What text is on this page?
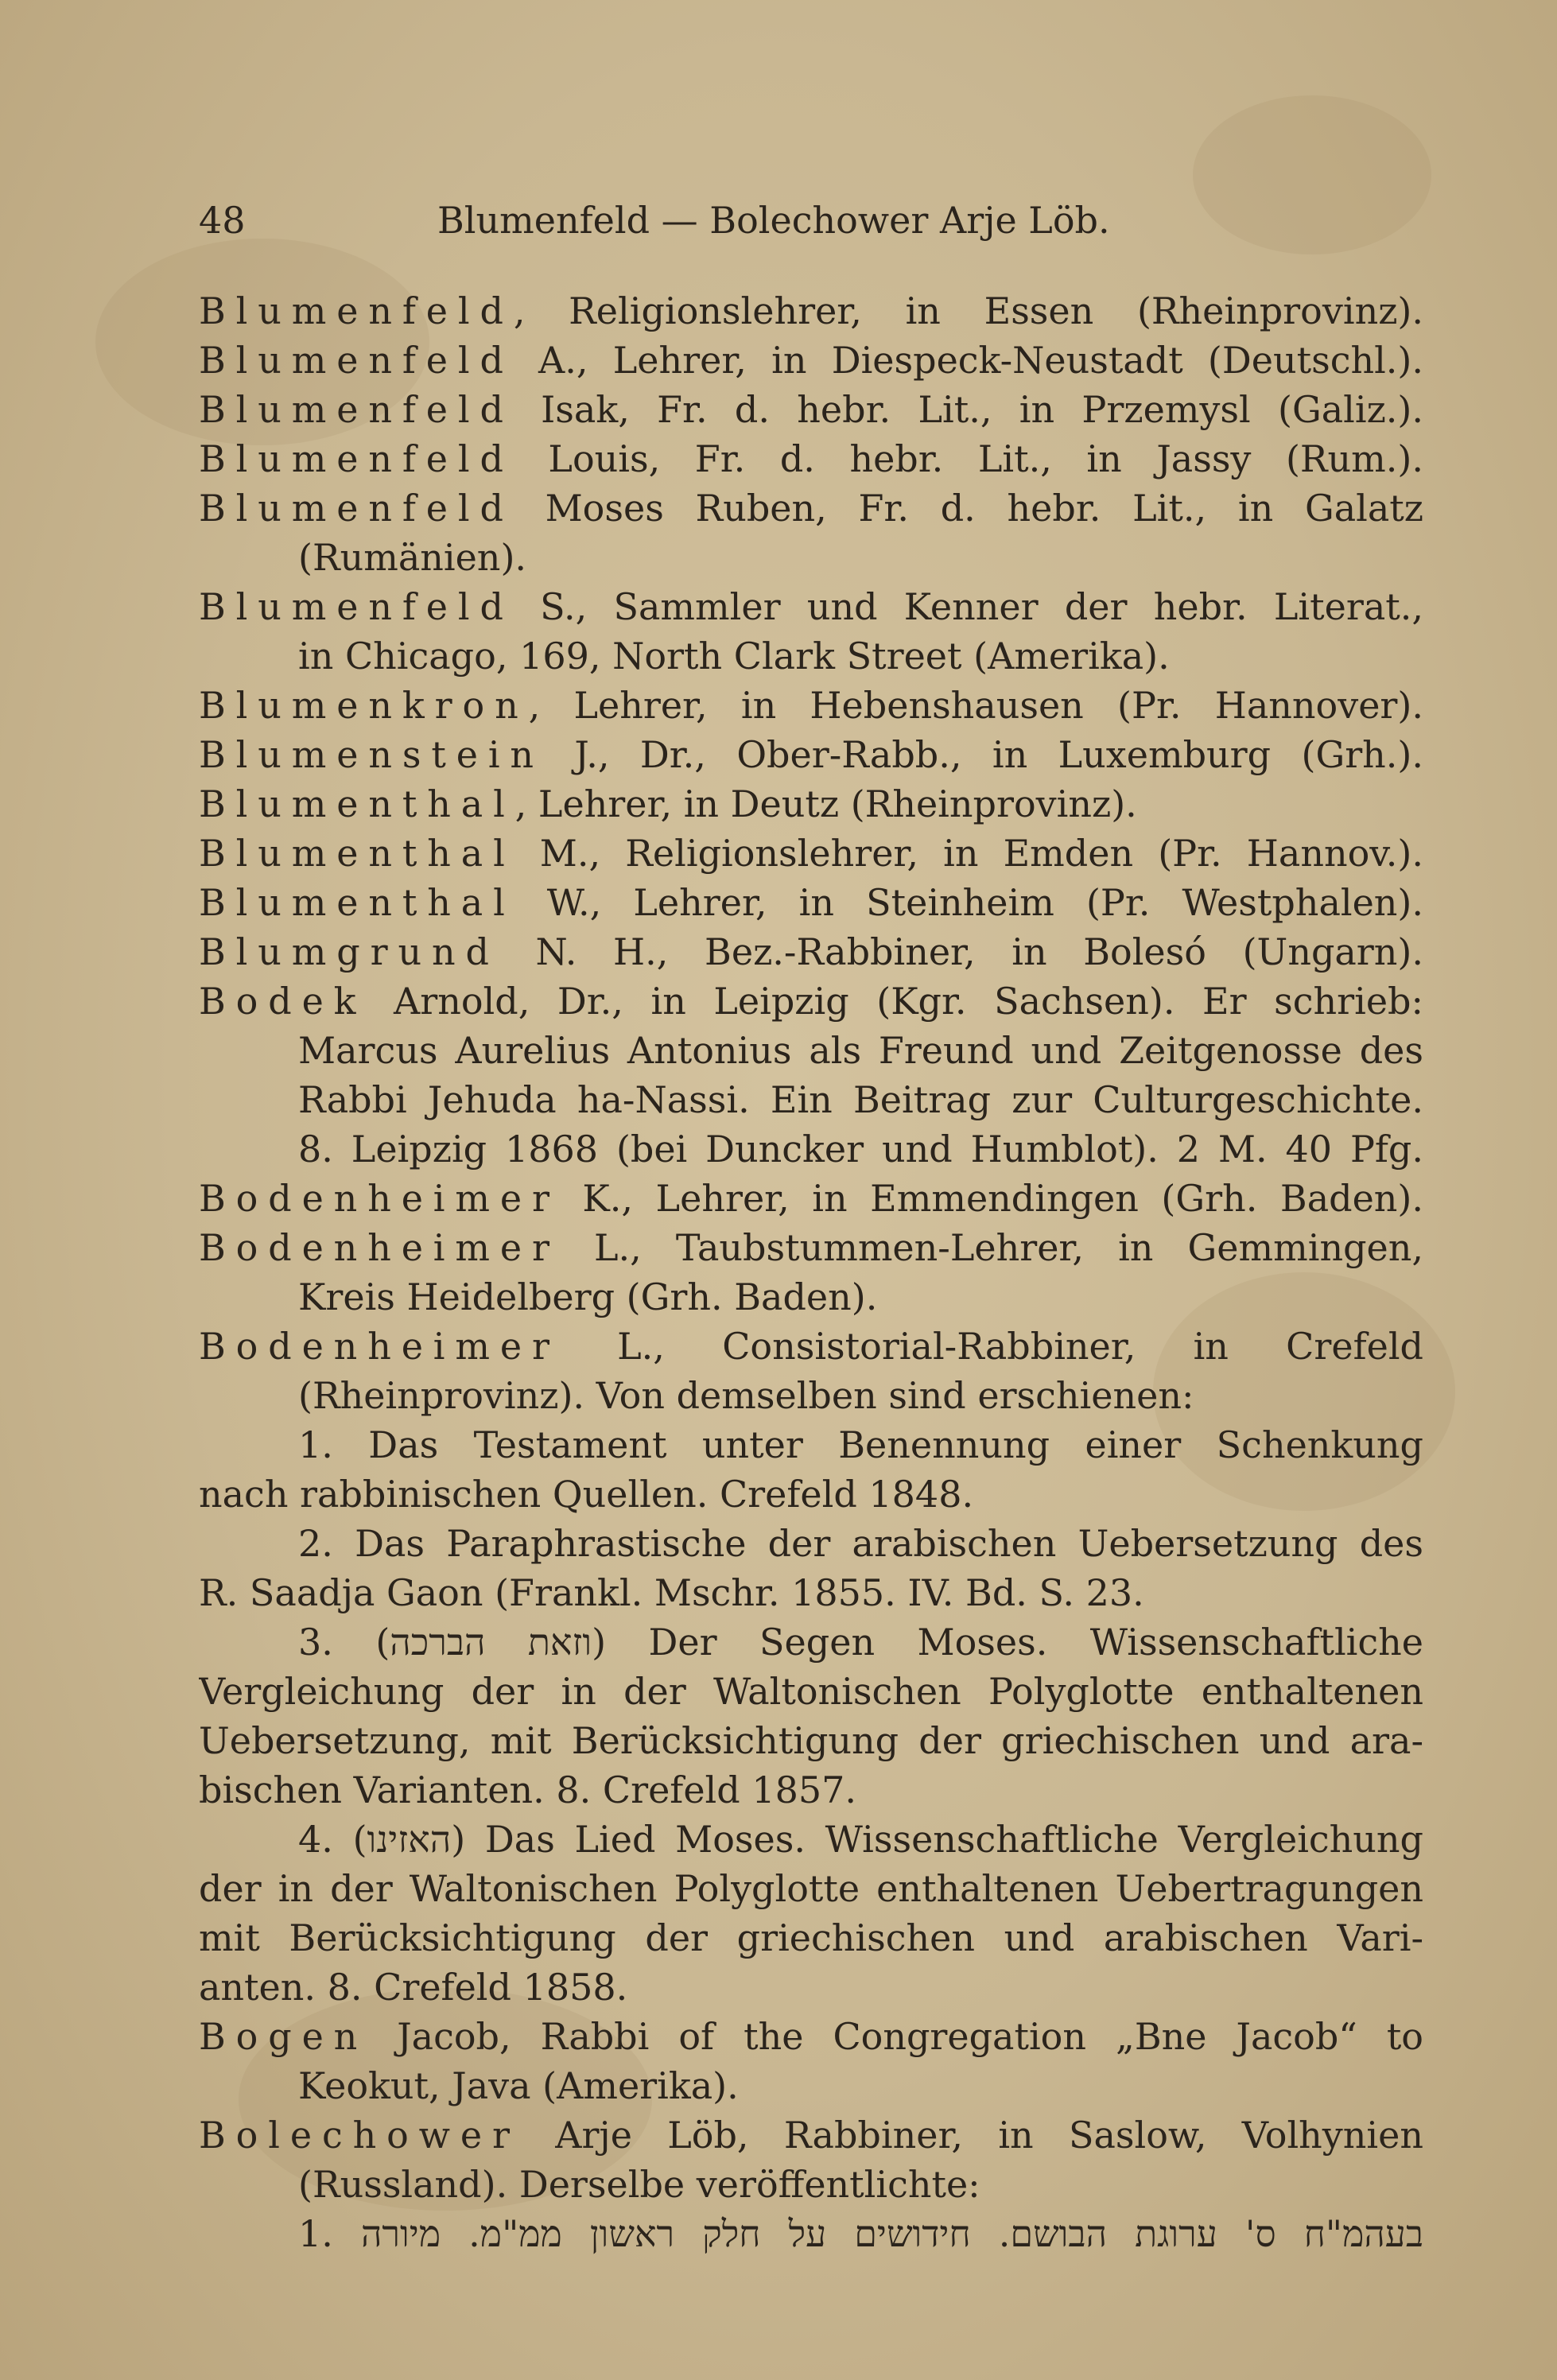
48	Blumenfeld — Bolechower Arje Löb.
Blumenfeld, Religionslehrer, in Essen (Rheinprovinz).
Blumenfeld A., Lehrer, in Diespeck-Neustadt (Deutschl.).
Blumenfeld Isak, Fr. d. hebr. Lit., in Przemysl (Galiz.).
Blumenfeld Louis, Fr. d. hebr. Lit., in Jassy (Rum.).
Blumenfeld Moses Ruben, Fr. d. hebr. Lit., in Galatz
(Rumänien).
Blumenfeld S., Sammler und Kenner der hebr. Literat.,
in Chicago, 169, North Clark Street (Amerika).
Blumenkron, Lehrer, in Hebenshausen (Pr. Hannover).
Blumenstein J., Dr., Ober-Rabb., in Luxemburg (Grh.).
Blumenthal, Lehrer, in Deutz (Rheinprovinz).
Blumenthal M., Religionslehrer, in Emden (Pr. Hannov.).
Blumenthal W., Lehrer, in Steinheim (Pr. Westphalen).
Blumgrund N. H., Bez.-Rabbiner, in Bolesó (Ungarn).
Bodek Arnold, Dr., in Leipzig (Kgr. Sachsen). Er schrieb:
Marcus Aurelius Antonius als Freund und Zeitgenosse des
Rabbi Jehuda ha-Nassi. Ein Beitrag zur Culturgeschichte.
8. Leipzig 1868 (bei Duncker und Humblot). 2 M. 40 Pfg.
Bodenheimer K., Lehrer, in Emmendingen (Grh. Baden).
Bodenheimer L., Taubstummen-Lehrer, in Gemmingen,
Kreis Heidelberg (Grh. Baden).
Bodenheimer L., Consistorial-Rabbiner, in Crefeld
(Rheinprovinz). Von demselben sind erschienen:
1. Das Testament unter Benennung einer Schenkung
nach rabbinischen Quellen. Crefeld 1848.
2. Das Paraphrastische der arabischen Uebersetzung des
R. Saadja Gaon (Frankl. Mschr. 1855. IV. Bd. S. 23.
3. (וזאת הברכה) Der Segen Moses. Wissenschaftliche
Vergleichung der in der Waltonischen Polyglotte enthaltenen
Uebersetzung, mit Berücksichtigung der griechischen und ara-
bischen Varianten. 8. Crefeld 1857.
4. (האזינו) Das Lied Moses. Wissenschaftliche Vergleichung
der in der Waltonischen Polyglotte enthaltenen Uebertragungen
mit Berücksichtigung der griechischen und arabischen Vari-
anten. 8. Crefeld 1858.
Bogen Jacob, Rabbi of the Congregation „Bne Jacob“ to
Keokut, Java (Amerika).
Bolechower Arje Löb, Rabbiner, in Saslow, Volhynien
(Russland). Derselbe veröffentlichte:
1. בעהמ"ח ס' ערוגת הבושם. חידושים על חלק ראשון ממ"מ. מיורה
